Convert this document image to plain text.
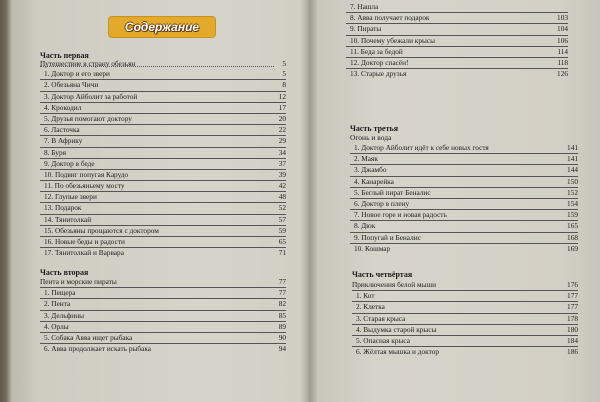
Содержание
Часть первая
Путешествие в страну обезьян	5
1. Доктор и его звери	5
2. Обезьяна Чичи	8
3. Доктор Айболит за работой	12
4. Крокодил	17
5. Друзья помогают доктору	20
6. Ласточка	22
7. В Африку	29
8. Буря	34
9. Доктор в беде	37
10. Подвиг попугая Карудо	39
11. По обезьяньему мосту	42
12. Глупые звери	48
13. Подарок	52
14. Тянитолкай	57
15. Обезьяны прощаются с доктором	59
16. Новые беды и радости	65
17. Тянитолкай и Варвара	71
Часть вторая
Пента и морские пираты	77
1. Пещера	77
2. Пента	82
3. Дельфины	85
4. Орлы	89
5. Собака Авва ищет рыбака	90
6. Авва продолжает искать рыбака	94
7. Нашла
8. Авва получает подарок	103
9. Пираты	104
10. Почему убежали крысы	106
11. Беда за бедой	114
12. Доктор спасён!	118
13. Старые друзья	126
Часть третья
Огонь и вода
1. Доктор Айболит идёт к себе новых гостя	141
2. Маяк	141
3. Джамбо	144
4. Канарейка	150
5. Беглый пират Беналис	152
6. Доктор в плену	154
7. Новое горе и новая радость	159
8. Дюк	165
9. Попугай и Беналис	168
10. Кошмар	169
Часть четвёртая
Приключения белой мыши	176
1. Кот	177
2. Клетка	177
3. Старая крыса	178
4. Выдумка старой крысы	180
5. Опасная крыса	184
6. Жёлтая мышка и доктор	186
